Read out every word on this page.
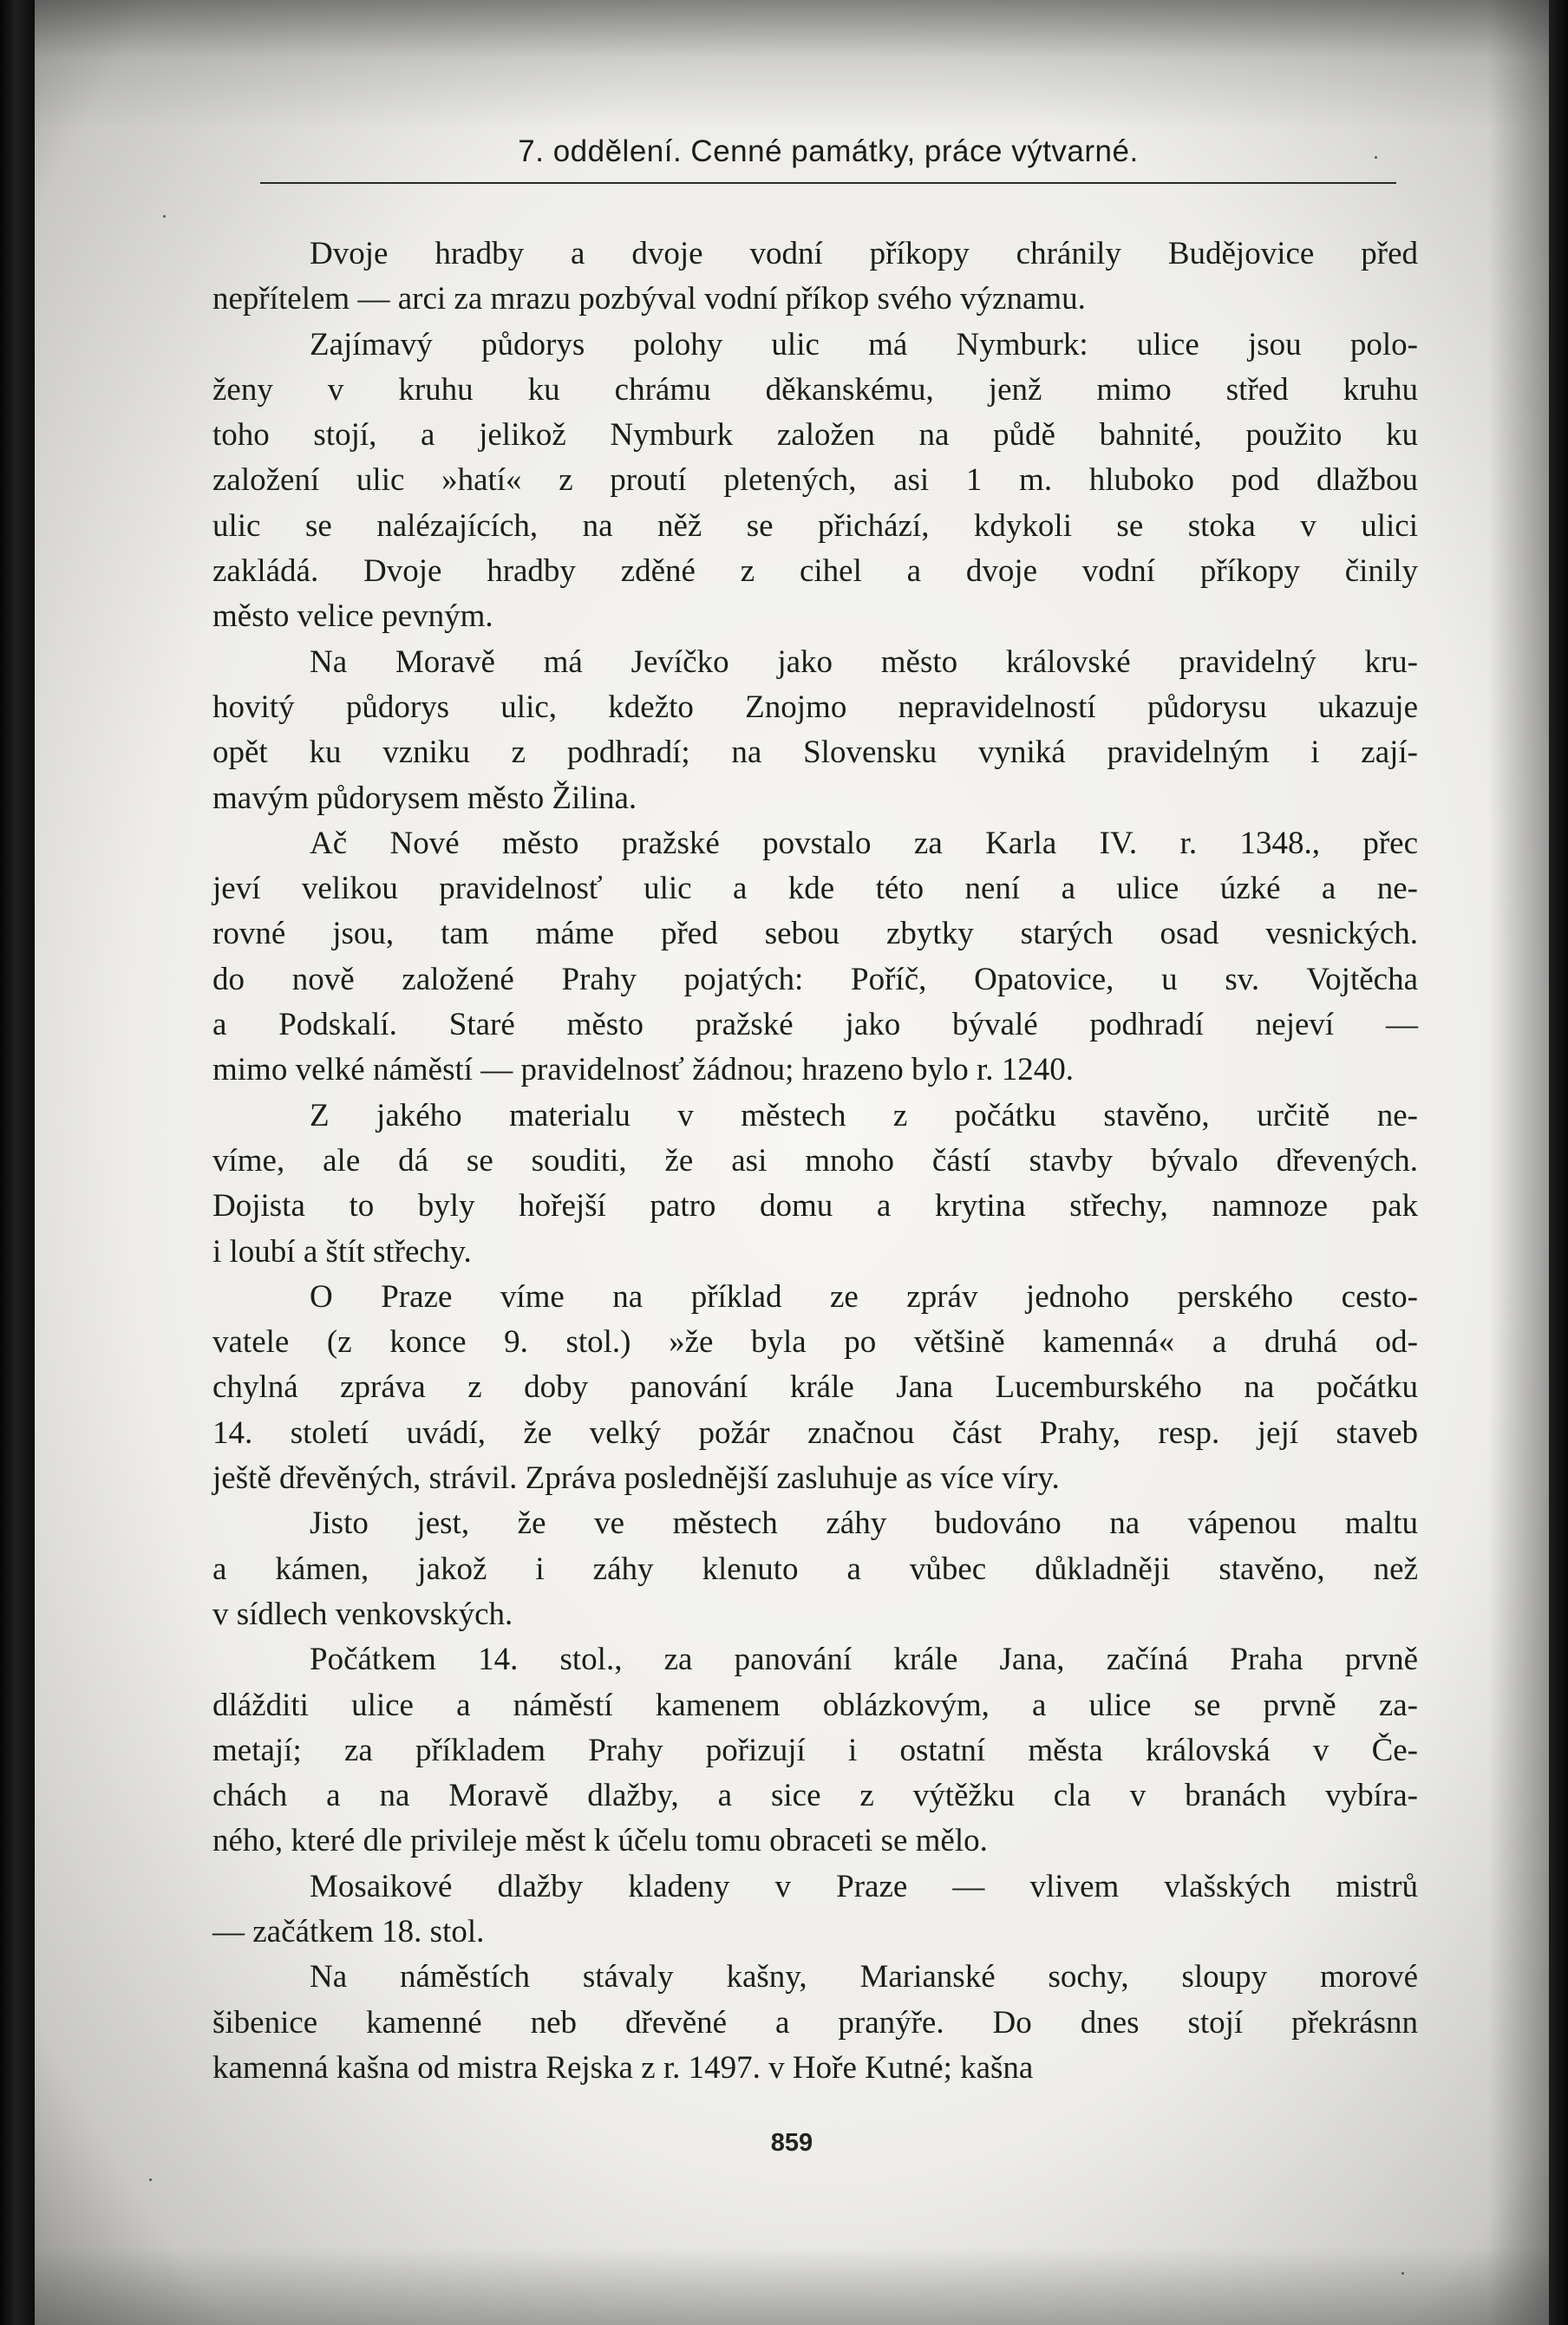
7. oddělení. Cenné památky, práce výtvarné.

Dvoje hradby a dvoje vodní příkopy chránily Budějovice před
nepřítelem — arci za mrazu pozbýval vodní příkop svého významu.

Zajímavý půdorys polohy ulic má Nymburk: ulice jsou polo-
ženy v kruhu ku chrámu děkanskému, jenž mimo střed kruhu
toho stojí, a jelikož Nymburk založen na půdě bahnité, použito ku
založení ulic »hatí« z proutí pletených, asi 1 m. hluboko pod dlažbou
ulic se nalézajících, na něž se přichází, kdykoli se stoka v ulici
zakládá. Dvoje hradby zděné z cihel a dvoje vodní příkopy činily
město velice pevným.

Na Moravě má Jevíčko jako město královské pravidelný kru-
hovitý půdorys ulic, kdežto Znojmo nepravidelností půdorysu ukazuje
opět ku vzniku z podhradí; na Slovensku vyniká pravidelným i zají-
mavým půdorysem město Žilina.

Ač Nové město pražské povstalo za Karla IV. r. 1348., přec
jeví velikou pravidelnosť ulic a kde této není a ulice úzké a ne-
rovné jsou, tam máme před sebou zbytky starých osad vesnických.
do nově založené Prahy pojatých: Poříč, Opatovice, u sv. Vojtěcha
a Podskalí. Staré město pražské jako bývalé podhradí nejeví —
mimo velké náměstí — pravidelnosť žádnou; hrazeno bylo r. 1240.

Z jakého materialu v městech z počátku stavěno, určitě ne-
víme, ale dá se souditi, že asi mnoho částí stavby bývalo dřevených.
Dojista to byly hořejší patro domu a krytina střechy, namnoze pak
i loubí a štít střechy.

O Praze víme na příklad ze zpráv jednoho perského cesto-
vatele (z konce 9. stol.) »že byla po většině kamenná« a druhá od-
chylná zpráva z doby panování krále Jana Lucemburského na počátku
14. století uvádí, že velký požár značnou část Prahy, resp. její staveb
ještě dřevěných, strávil. Zpráva poslednější zasluhuje as více víry.

Jisto jest, že ve městech záhy budováno na vápenou maltu
a kámen, jakož i záhy klenuto a vůbec důkladněji stavěno, než
v sídlech venkovských.

Počátkem 14. stol., za panování krále Jana, začíná Praha prvně
dlážditi ulice a náměstí kamenem oblázkovým, a ulice se prvně za-
metají; za příkladem Prahy pořizují i ostatní města královská v Če-
chách a na Moravě dlažby, a sice z výtěžku cla v branách vybíra-
ného, které dle privileje měst k účelu tomu obraceti se mělo.

Mosaikové dlažby kladeny v Praze — vlivem vlašských mistrů
— začátkem 18. stol.

Na náměstích stávaly kašny, Marianské sochy, sloupy morové
šibenice kamenné neb dřevěné a pranýře. Do dnes stojí překrásnn
kamenná kašna od mistra Rejska z r. 1497. v Hoře Kutné; kašna

859
